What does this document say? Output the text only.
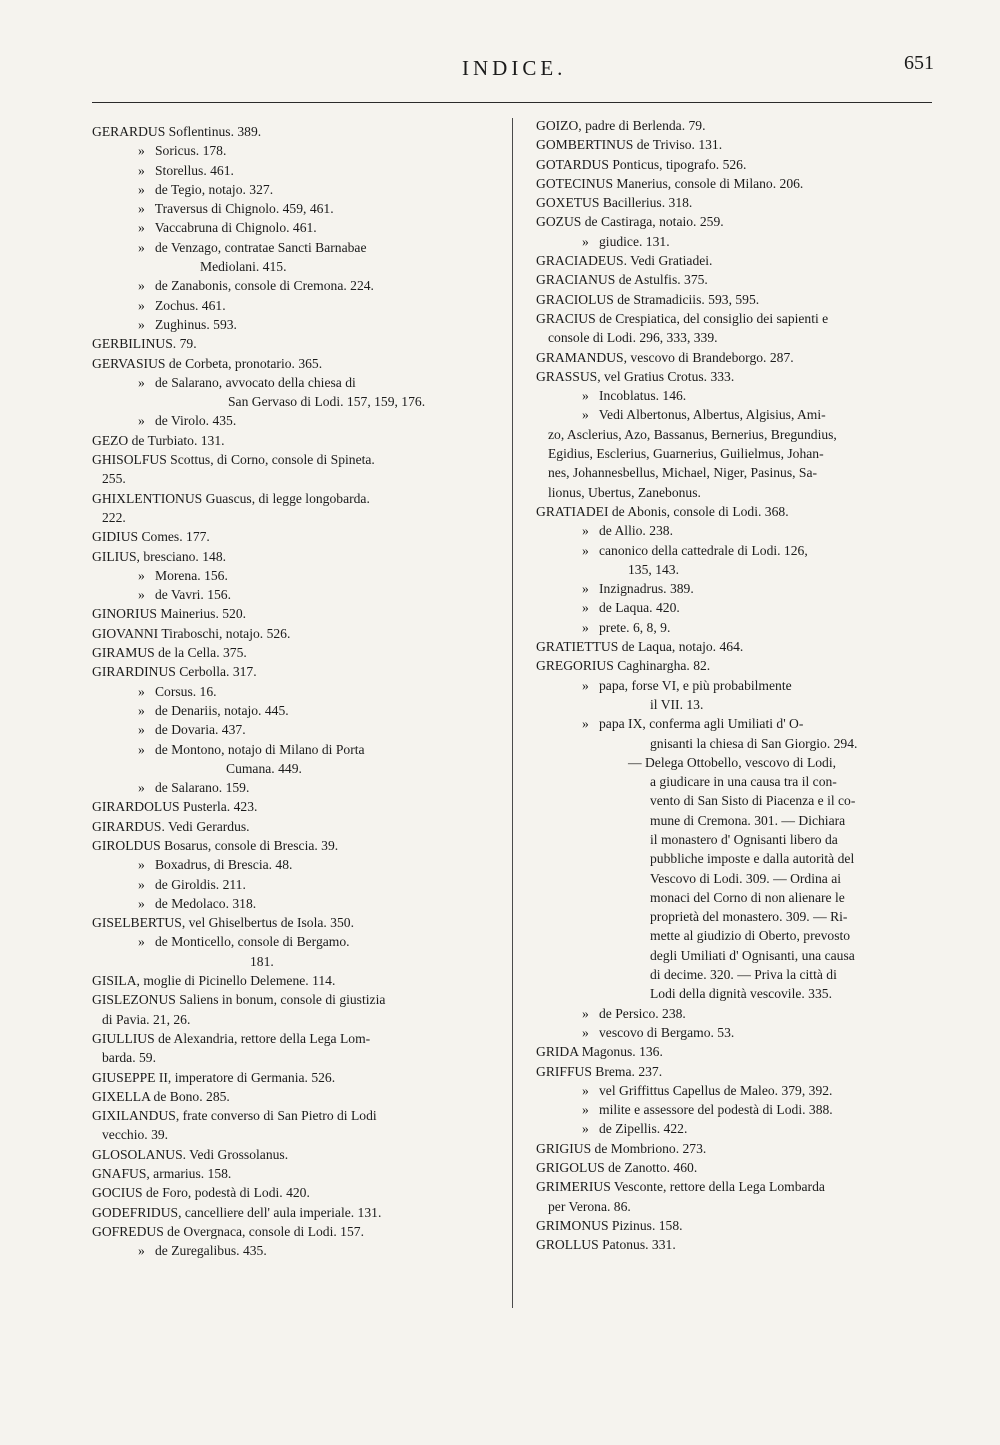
INDICE.	651
GERARDUS Soflentinus. 389.
»   Soricus. 178.
»   Storellus. 461.
»   de Tegio, notajo. 327.
»   Traversus di Chignolo. 459, 461.
»   Vaccabruna di Chignolo. 461.
»   de Venzago, contratae Sancti Barnabae
Mediolani. 415.
»   de Zanabonis, console di Cremona. 224.
»   Zochus. 461.
»   Zughinus. 593.
GERBILINUS. 79.
GERVASIUS de Corbeta, pronotario. 365.
»   de Salarano, avvocato della chiesa di
San Gervaso di Lodi. 157, 159, 176.
»   de Virolo. 435.
GEZO de Turbiato. 131.
GHISOLFUS Scottus, di Corno, console di Spineta.
255.
GHIXLENTIONUS Guascus, di legge longobarda.
222.
GIDIUS Comes. 177.
GILIUS, bresciano. 148.
»   Morena. 156.
»   de Vavri. 156.
GINORIUS Mainerius. 520.
GIOVANNI Tiraboschi, notajo. 526.
GIRAMUS de la Cella. 375.
GIRARDINUS Cerbolla. 317.
»   Corsus. 16.
»   de Denariis, notajo. 445.
»   de Dovaria. 437.
»   de Montono, notajo di Milano di Porta
Cumana. 449.
»   de Salarano. 159.
GIRARDOLUS Pusterla. 423.
GIRARDUS. Vedi Gerardus.
GIROLDUS Bosarus, console di Brescia. 39.
»   Boxadrus, di Brescia. 48.
»   de Giroldis. 211.
»   de Medolaco. 318.
GISELBERTUS, vel Ghiselbertus de Isola. 350.
»   de Monticello, console di Bergamo.
181.
GISILA, moglie di Picinello Delemene. 114.
GISLEZONUS Saliens in bonum, console di giustizia
di Pavia. 21, 26.
GIULLIUS de Alexandria, rettore della Lega Lom-
barda. 59.
GIUSEPPE II, imperatore di Germania. 526.
GIXELLA de Bono. 285.
GIXILANDUS, frate converso di San Pietro di Lodi
vecchio. 39.
GLOSOLANUS. Vedi Grossolanus.
GNAFUS, armarius. 158.
GOCIUS de Foro, podestà di Lodi. 420.
GODEFRIDUS, cancelliere dell' aula imperiale. 131.
GOFREDUS de Overgnaca, console di Lodi. 157.
»   de Zuregalibus. 435.
GOIZO, padre di Berlenda. 79.
GOMBERTINUS de Triviso. 131.
GOTARDUS Ponticus, tipografo. 526.
GOTECINUS Manerius, console di Milano. 206.
GOXETUS Bacillerius. 318.
GOZUS de Castiraga, notaio. 259.
»   giudice. 131.
GRACIADEUS. Vedi Gratiadei.
GRACIANUS de Astulfis. 375.
GRACIOLUS de Stramadiciis. 593, 595.
GRACIUS de Crespiatica, del consiglio dei sapienti e
console di Lodi. 296, 333, 339.
GRAMANDUS, vescovo di Brandeborgo. 287.
GRASSUS, vel Gratius Crotus. 333.
»   Incoblatus. 146.
»   Vedi Albertonus, Albertus, Algisius, Ami-
zo, Asclerius, Azo, Bassanus, Bernerius, Bregundius,
Egidius, Esclerius, Guarnerius, Guilielmus, Johan-
nes, Johannesbellus, Michael, Niger, Pasinus, Sa-
lionus, Ubertus, Zanebonus.
GRATIADEI de Abonis, console di Lodi. 368.
»   de Allio. 238.
»   canonico della cattedrale di Lodi. 126,
135, 143.
»   Inzignadrus. 389.
»   de Laqua. 420.
»   prete. 6, 8, 9.
GRATIETTUS de Laqua, notajo. 464.
GREGORIUS Caghinargha. 82.
»   papa, forse VI, e più probabilmente
il VII. 13.
»   papa IX, conferma agli Umiliati d' O-
gnisanti la chiesa di San Giorgio. 294.
— Delega Ottobello, vescovo di Lodi,
a giudicare in una causa tra il con-
vento di San Sisto di Piacenza e il co-
mune di Cremona. 301. — Dichiara
il monastero d' Ognisanti libero da
pubbliche imposte e dalla autorità del
Vescovo di Lodi. 309. — Ordina ai
monaci del Corno di non alienare le
proprietà del monastero. 309. — Ri-
mette al giudizio di Oberto, prevosto
degli Umiliati d' Ognisanti, una causa
di decime. 320. — Priva la città di
Lodi della dignità vescovile. 335.
»   de Persico. 238.
»   vescovo di Bergamo. 53.
GRIDA Magonus. 136.
GRIFFUS Brema. 237.
»   vel Griffittus Capellus de Maleo. 379, 392.
»   milite e assessore del podestà di Lodi. 388.
»   de Zipellis. 422.
GRIGIUS de Mombriono. 273.
GRIGOLUS de Zanotto. 460.
GRIMERIUS Vesconte, rettore della Lega Lombarda
per Verona. 86.
GRIMONUS Pizinus. 158.
GROLLUS Patonus. 331.
